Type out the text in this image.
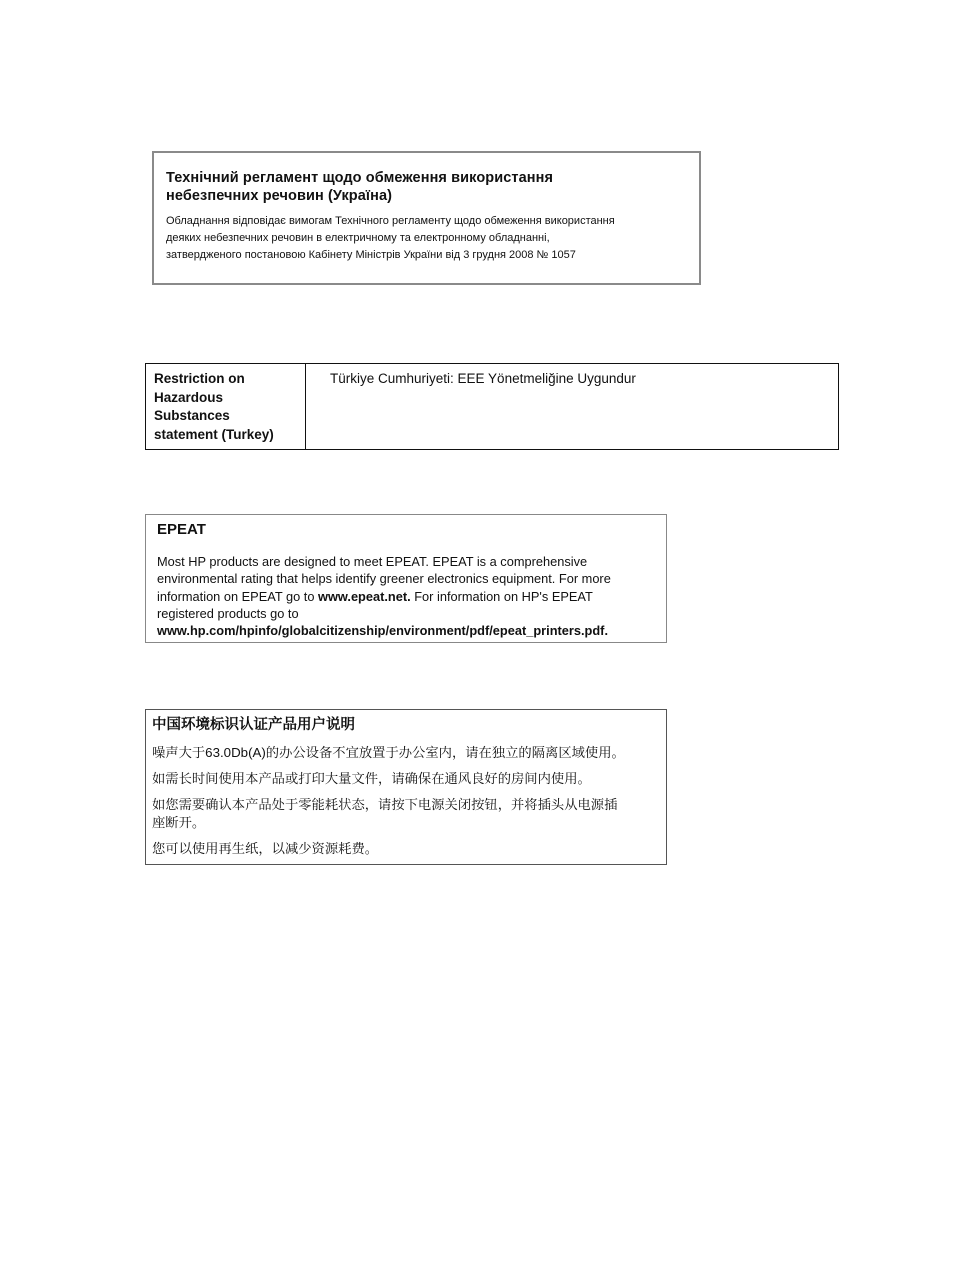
Технічний регламент щодо обмеження використання
небезпечних речовин (Україна)
Обладнання відповідає вимогам Технічного регламенту щодо обмеження використання
деяких небезпечних речовин в електричному та електронному обладнанні,
затвердженого постановою Кабінету Міністрів України від 3 грудня 2008 № 1057
Restriction on
Hazardous
Substances
statement (Turkey)
Türkiye Cumhuriyeti: EEE Yönetmeliğine Uygundur
EPEAT
Most HP products are designed to meet EPEAT. EPEAT is a comprehensive
environmental rating that helps identify greener electronics equipment. For more
information on EPEAT go to www.epeat.net. For information on HP's EPEAT
registered products go to
www.hp.com/hpinfo/globalcitizenship/environment/pdf/epeat_printers.pdf.
中国环境标识认证产品用户说明
噪声大于63.0Db(A)的办公设备不宜放置于办公室内，请在独立的隔离区域使用。
如需长时间使用本产品或打印大量文件，请确保在通风良好的房间内使用。
如您需要确认本产品处于零能耗状态，请按下电源关闭按钮，并将插头从电源插
座断开。
您可以使用再生纸，以减少资源耗费。
